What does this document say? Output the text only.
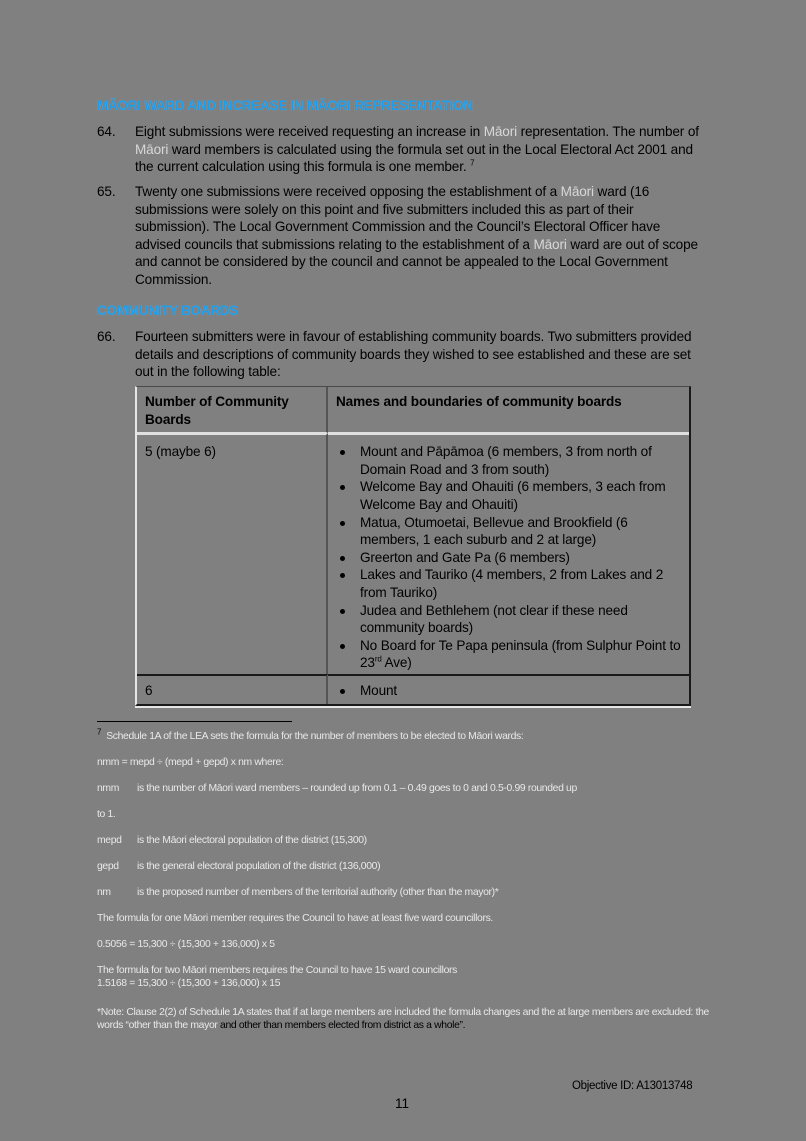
MĀORI WARD AND INCREASE IN MĀORI REPRESENTATION
64.	Eight submissions were received requesting an increase in Māori representation. The number of Māori ward members is calculated using the formula set out in the Local Electoral Act 2001 and the current calculation using this formula is one member. $^7$
65.	Twenty one submissions were received opposing the establishment of a Māori ward (16 submissions were solely on this point and five submitters included this as part of their submission). The Local Government Commission and the Council’s Electoral Officer have advised councils that submissions relating to the establishment of a Māori ward are out of scope and cannot be considered by the council and cannot be appealed to the Local Government Commission.
COMMUNITY BOARDS
66.	Fourteen submitters were in favour of establishing community boards. Two submitters provided details and descriptions of community boards they wished to see established and these are set out in the following table:
Number of Community Boards	Names and boundaries of community boards
5 (maybe 6)	Mount and Pāpāmoa (6 members, 3 from north of Domain Road and 3 from south)
Welcome Bay and Ohauiti (6 members, 3 each from Welcome Bay and Ohauiti)
Matua, Otumoetai, Bellevue and Brookfield (6 members, 1 each suburb and 2 at large)
Greerton and Gate Pa (6 members)
Lakes and Tauriko (4 members, 2 from Lakes and 2 from Tauriko)
Judea and Bethlehem (not clear if these need community boards)
No Board for Te Papa peninsula (from Sulphur Point to 23rd Ave)

6	Mount
$^7$ Schedule 1A of the LEA sets the formula for the number of members to be elected to Māori wards:
nmm = mepd ÷ (mepd + gepd) x nm where:
nmm is the number of Māori ward members – rounded up from 0.1 – 0.49 goes to 0 and 0.5-0.99 rounded up
to 1.
mepd is the Māori electoral population of the district (15,300)
gepd is the general electoral population of the district (136,000)
nm	is the proposed number of members of the territorial authority (other than the mayor)*
The formula for one Māori member requires the Council to have at least five ward councillors.
0.5056 = 15,300 ÷ (15,300 + 136,000) x 5
The formula for two Māori members requires the Council to have 15 ward councillors
1.5168 = 15,300 ÷ (15,300 + 136,000) x 15
*Note: Clause 2(2) of Schedule 1A states that if at large members are included the formula changes and the at large members are excluded: the words “other than the mayor and other than members elected from district as a whole”.
Objective ID: A13013748
11
